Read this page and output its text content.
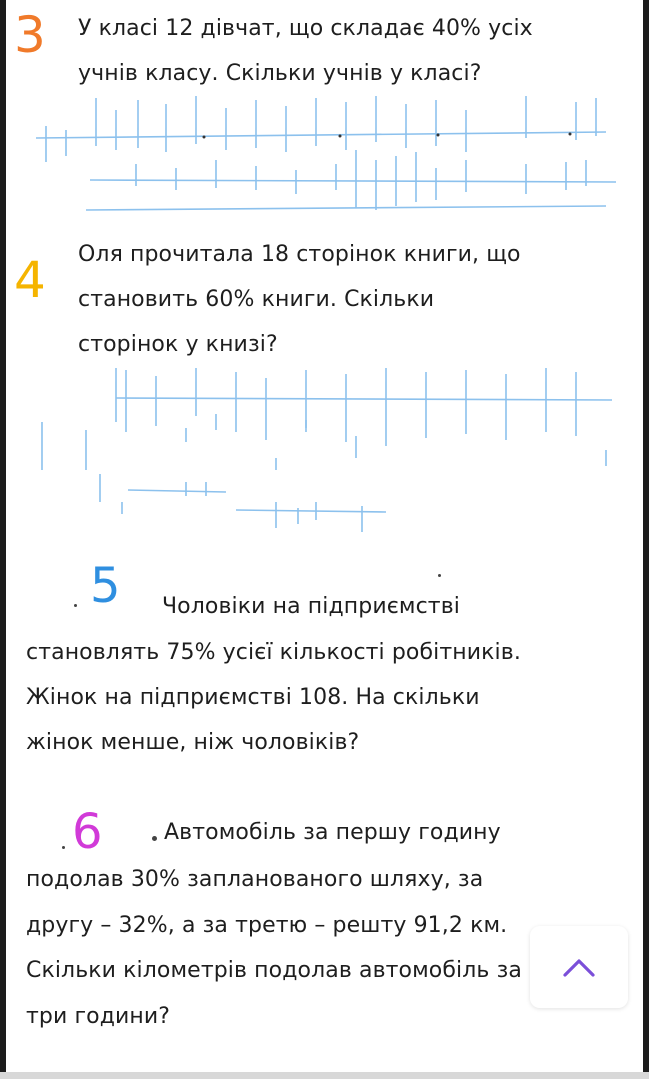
3 У класі 12 дівчат, що складає 40% усіх
учнів класу. Скільки учнів у класі?
4 Оля прочитала 18 сторінок книги, що
становить 60% книги. Скільки
сторінок у книзі?
5 Чоловіки на підприємстві
становлять 75% усієї кількості робітників.
Жінок на підприємстві 108. На скільки
жінок менше, ніж чоловіків?
6	Автомобіль за першу годину
подолав 30% запланованого шляху, за
другу – 32%, а за третю – решту 91,2 км.
Скільки кілометрів подолав автомобіль за
три години?
